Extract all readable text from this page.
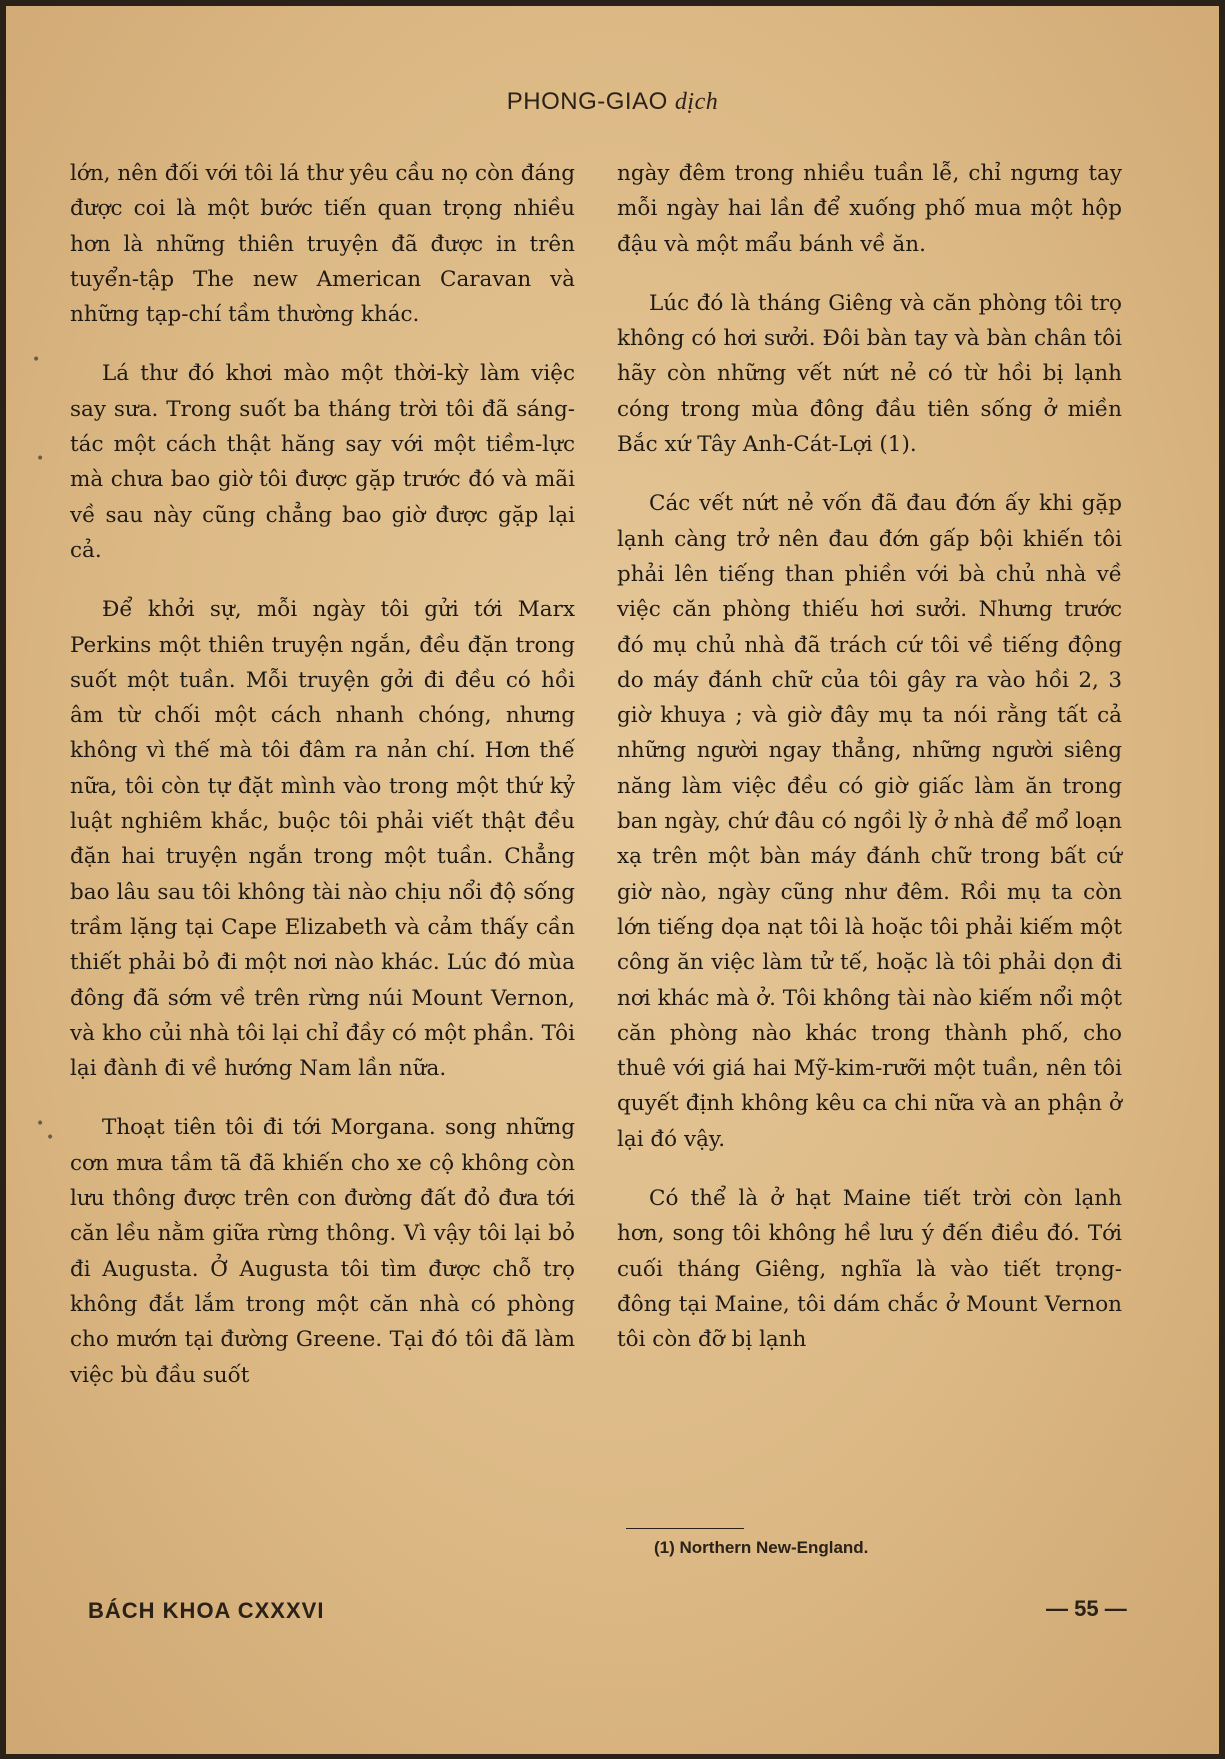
PHONG-GIAO dịch

lớn, nên đối với tôi lá thư yêu cầu nọ còn đáng được coi là một bước tiến quan trọng nhiều hơn là những thiên truyện đã được in trên tuyển-tập The new American Caravan và những tạp-chí tầm thường khác.

Lá thư đó khơi mào một thời-kỳ làm việc say sưa. Trong suốt ba tháng trời tôi đã sáng-tác một cách thật hăng say với một tiềm-lực mà chưa bao giờ tôi được gặp trước đó và mãi về sau này cũng chẳng bao giờ được gặp lại cả.

Để khởi sự, mỗi ngày tôi gửi tới Marx Perkins một thiên truyện ngắn, đều đặn trong suốt một tuần. Mỗi truyện gởi đi đều có hồi âm từ chối một cách nhanh chóng, nhưng không vì thế mà tôi đâm ra nản chí. Hơn thế nữa, tôi còn tự đặt mình vào trong một thứ kỷ luật nghiêm khắc, buộc tôi phải viết thật đều đặn hai truyện ngắn trong một tuần. Chẳng bao lâu sau tôi không tài nào chịu nổi độ sống trầm lặng tại Cape Elizabeth và cảm thấy cần thiết phải bỏ đi một nơi nào khác. Lúc đó mùa đông đã sớm về trên rừng núi Mount Vernon, và kho củi nhà tôi lại chỉ đầy có một phần. Tôi lại đành đi về hướng Nam lần nữa.

Thoạt tiên tôi đi tới Morgana. song những cơn mưa tầm tã đã khiến cho xe cộ không còn lưu thông được trên con đường đất đỏ đưa tới căn lều nằm giữa rừng thông. Vì vậy tôi lại bỏ đi Augusta. Ở Augusta tôi tìm được chỗ trọ không đắt lắm trong một căn nhà có phòng cho mướn tại đường Greene. Tại đó tôi đã làm việc bù đầu suốt

ngày đêm trong nhiều tuần lễ, chỉ ngưng tay mỗi ngày hai lần để xuống phố mua một hộp đậu và một mẩu bánh về ăn.

Lúc đó là tháng Giêng và căn phòng tôi trọ không có hơi sưởi. Đôi bàn tay và bàn chân tôi hãy còn những vết nứt nẻ có từ hồi bị lạnh cóng trong mùa đông đầu tiên sống ở miền Bắc xứ Tây Anh-Cát-Lợi (1).

Các vết nứt nẻ vốn đã đau đớn ấy khi gặp lạnh càng trở nên đau đớn gấp bội khiến tôi phải lên tiếng than phiền với bà chủ nhà về việc căn phòng thiếu hơi sưởi. Nhưng trước đó mụ chủ nhà đã trách cứ tôi về tiếng động do máy đánh chữ của tôi gây ra vào hồi 2, 3 giờ khuya ; và giờ đây mụ ta nói rằng tất cả những người ngay thẳng, những người siêng năng làm việc đều có giờ giấc làm ăn trong ban ngày, chứ đâu có ngồi lỳ ở nhà để mổ loạn xạ trên một bàn máy đánh chữ trong bất cứ giờ nào, ngày cũng như đêm. Rồi mụ ta còn lớn tiếng dọa nạt tôi là hoặc tôi phải kiếm một công ăn việc làm tử tế, hoặc là tôi phải dọn đi nơi khác mà ở. Tôi không tài nào kiếm nổi một căn phòng nào khác trong thành phố, cho thuê với giá hai Mỹ-kim-rưỡi một tuần, nên tôi quyết định không kêu ca chi nữa và an phận ở lại đó vậy.

Có thể là ở hạt Maine tiết trời còn lạnh hơn, song tôi không hề lưu ý đến điều đó. Tới cuối tháng Giêng, nghĩa là vào tiết trọng-đông tại Maine, tôi dám chắc ở Mount Vernon tôi còn đỡ bị lạnh

(1) Northern New-England.
BÁCH KHOA CXXXVI	— 55 —
•
•
•
•
